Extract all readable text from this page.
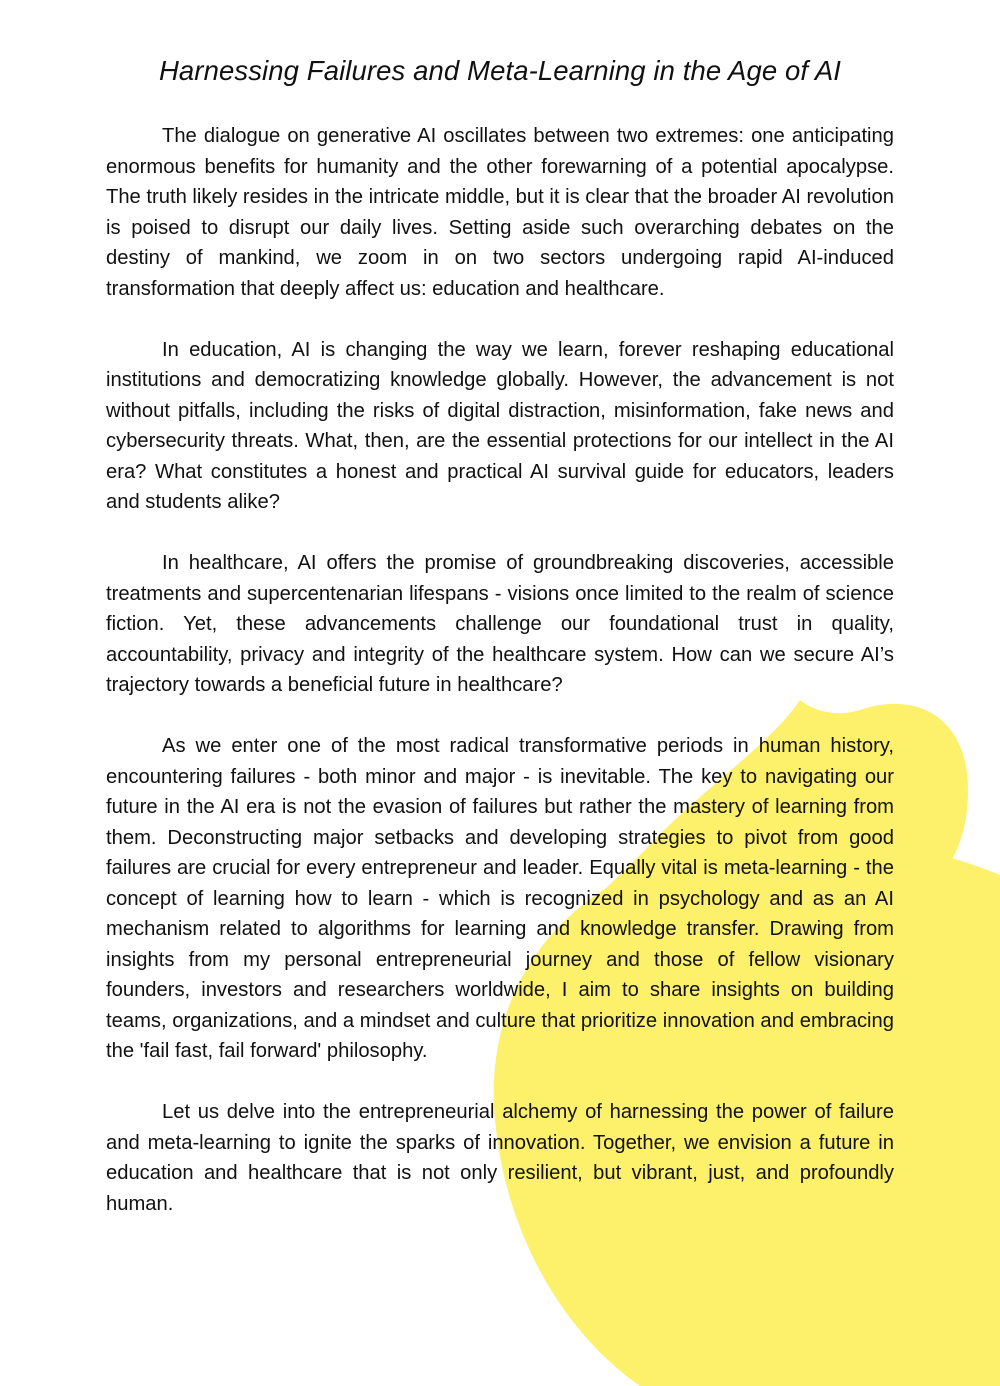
Harnessing Failures and Meta-Learning in the Age of AI

The dialogue on generative AI oscillates between two extremes: one anticipating enormous benefits for humanity and the other forewarning of a potential apocalypse. The truth likely resides in the intricate middle, but it is clear that the broader AI revolution is poised to disrupt our daily lives. Setting aside such overarching debates on the destiny of mankind, we zoom in on two sectors undergoing rapid AI-induced transformation that deeply affect us: education and healthcare.

In education, AI is changing the way we learn, forever reshaping educational institutions and democratizing knowledge globally. However, the advancement is not without pitfalls, including the risks of digital distraction, misinformation, fake news and cybersecurity threats. What, then, are the essential protections for our intellect in the AI era? What constitutes a honest and practical AI survival guide for educators, leaders and students alike?

In healthcare, AI offers the promise of groundbreaking discoveries, accessible treatments and supercentenarian lifespans - visions once limited to the realm of science fiction. Yet, these advancements challenge our foundational trust in quality, accountability, privacy and integrity of the healthcare system. How can we secure AI’s trajectory towards a beneficial future in healthcare?

As we enter one of the most radical transformative periods in human history, encountering failures - both minor and major - is inevitable. The key to navigating our future in the AI era is not the evasion of failures but rather the mastery of learning from them. Deconstructing major setbacks and developing strategies to pivot from good failures are crucial for every entrepreneur and leader. Equally vital is meta-learning - the concept of learning how to learn - which is recognized in psychology and as an AI mechanism related to algorithms for learning and knowledge transfer. Drawing from insights from my personal entrepreneurial journey and those of fellow visionary founders, investors and researchers worldwide, I aim to share insights on building teams, organizations, and a mindset and culture that prioritize innovation and embracing the 'fail fast, fail forward' philosophy.

Let us delve into the entrepreneurial alchemy of harnessing the power of failure and meta-learning to ignite the sparks of innovation. Together, we envision a future in education and healthcare that is not only resilient, but vibrant, just, and profoundly human.
